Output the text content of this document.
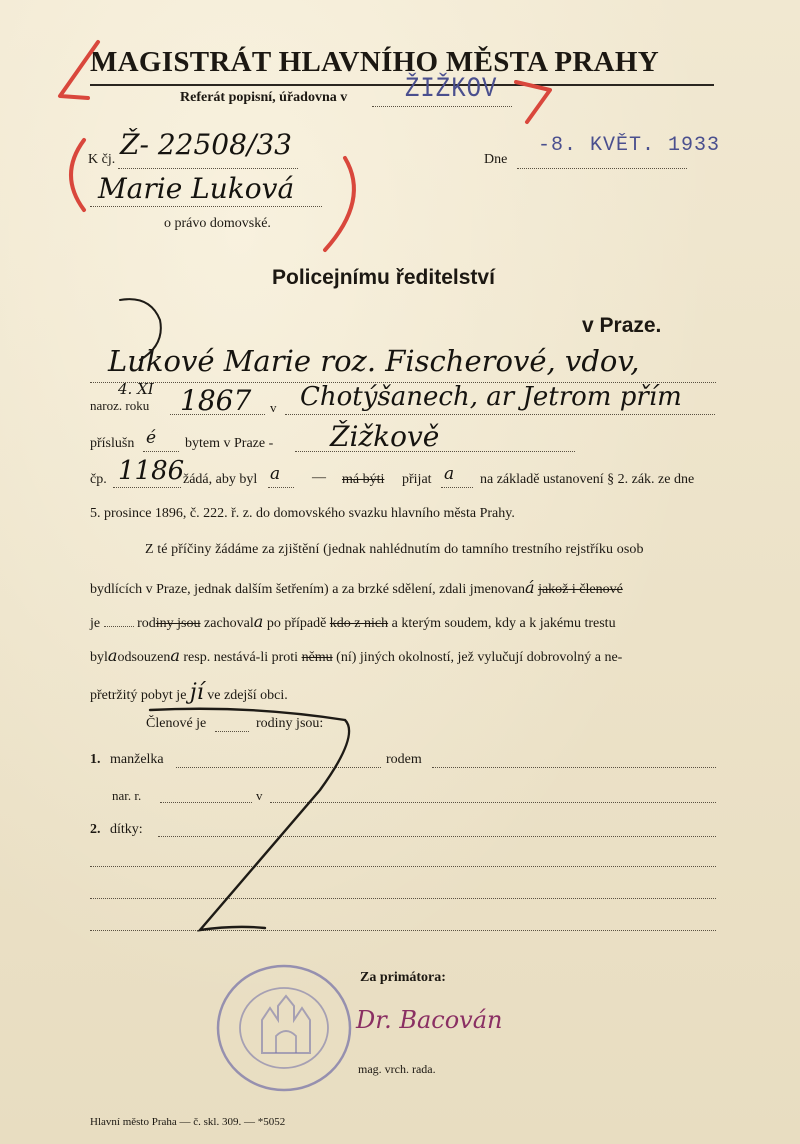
MAGISTRÁT HLAVNÍHO MĚSTA PRAHY
Referát popisní, úřadovna v ŽIŽKOV
K čj. Ž- 22508/33	Dne
-8. KVĚT. 1933
Marie Luková
o právo domovské.
Policejnímu ředitelství
v Praze.
Lukové Marie roz. Fischerové, vdov,
4. XI
naroz. roku 1867 v Chotýšanech, ar Jetrom přím
příslušn é bytem v Praze - Žižkově
čp. 1186
žádá, aby byl a — má býti přijat a na základě ustanovení § 2. zák. ze dne
5. prosince 1896, č. 222. ř. z. do domovského svazku hlavního města Prahy.
Z té příčiny žádáme za zjištění (jednak nahlédnutím do tamního trestního rejstříku osob
bydlících v Praze, jednak dalším šetřením) a za brzké sdělení, zdali jmenovaná jakož i členové
je	rodiny jsou zachovala po případě kdo z nich a kterým soudem, kdy a k jakému trestu
bylaodsouzena resp. nestává-li proti němu (ní) jiných okolností, jež vylučují dobrovolný a ne-
přetržitý pobyt je jí ve zdejší obci.
Členové je	rodiny jsou:
1. manželka	rodem
nar. r.	v
2. dítky:
Za primátora:
Dr. Bacován
mag. vrch. rada.
Hlavní město Praha — č. skl. 309. — *5052
